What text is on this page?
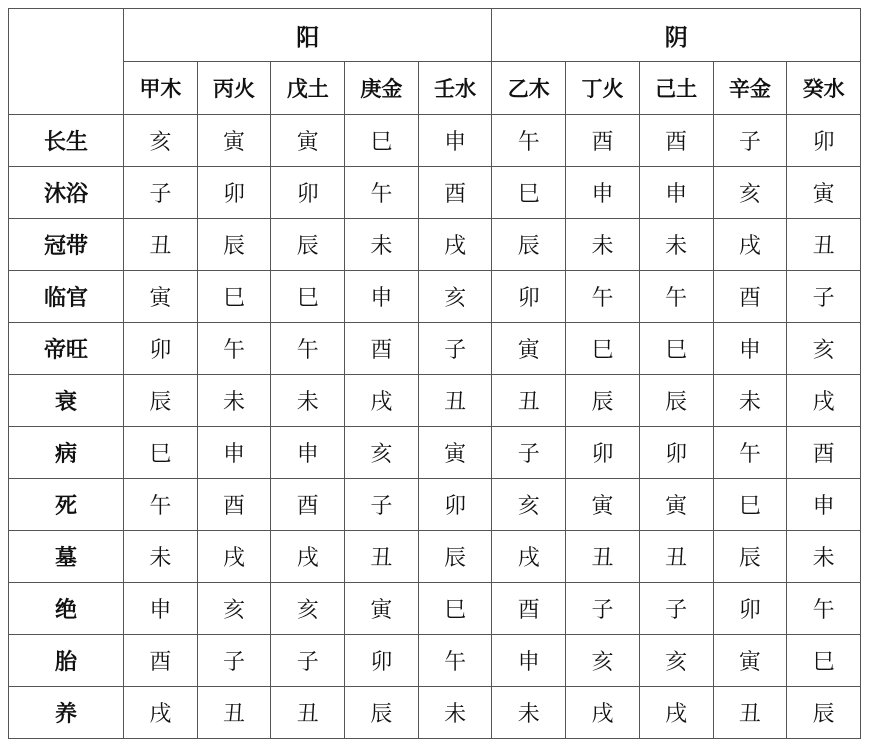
	阳					阴				
	甲木	丙火	戊土	庚金	壬水	乙木	丁火	己土	辛金	癸水
长生	亥	寅	寅	巳	申	午	酉	酉	子	卯
沐浴	子	卯	卯	午	酉	巳	申	申	亥	寅
冠带	丑	辰	辰	未	戌	辰	未	未	戌	丑
临官	寅	巳	巳	申	亥	卯	午	午	酉	子
帝旺	卯	午	午	酉	子	寅	巳	巳	申	亥
衰	辰	未	未	戌	丑	丑	辰	辰	未	戌
病	巳	申	申	亥	寅	子	卯	卯	午	酉
死	午	酉	酉	子	卯	亥	寅	寅	巳	申
墓	未	戌	戌	丑	辰	戌	丑	丑	辰	未
绝	申	亥	亥	寅	巳	酉	子	子	卯	午
胎	酉	子	子	卯	午	申	亥	亥	寅	巳
养	戌	丑	丑	辰	未	未	戌	戌	丑	辰
